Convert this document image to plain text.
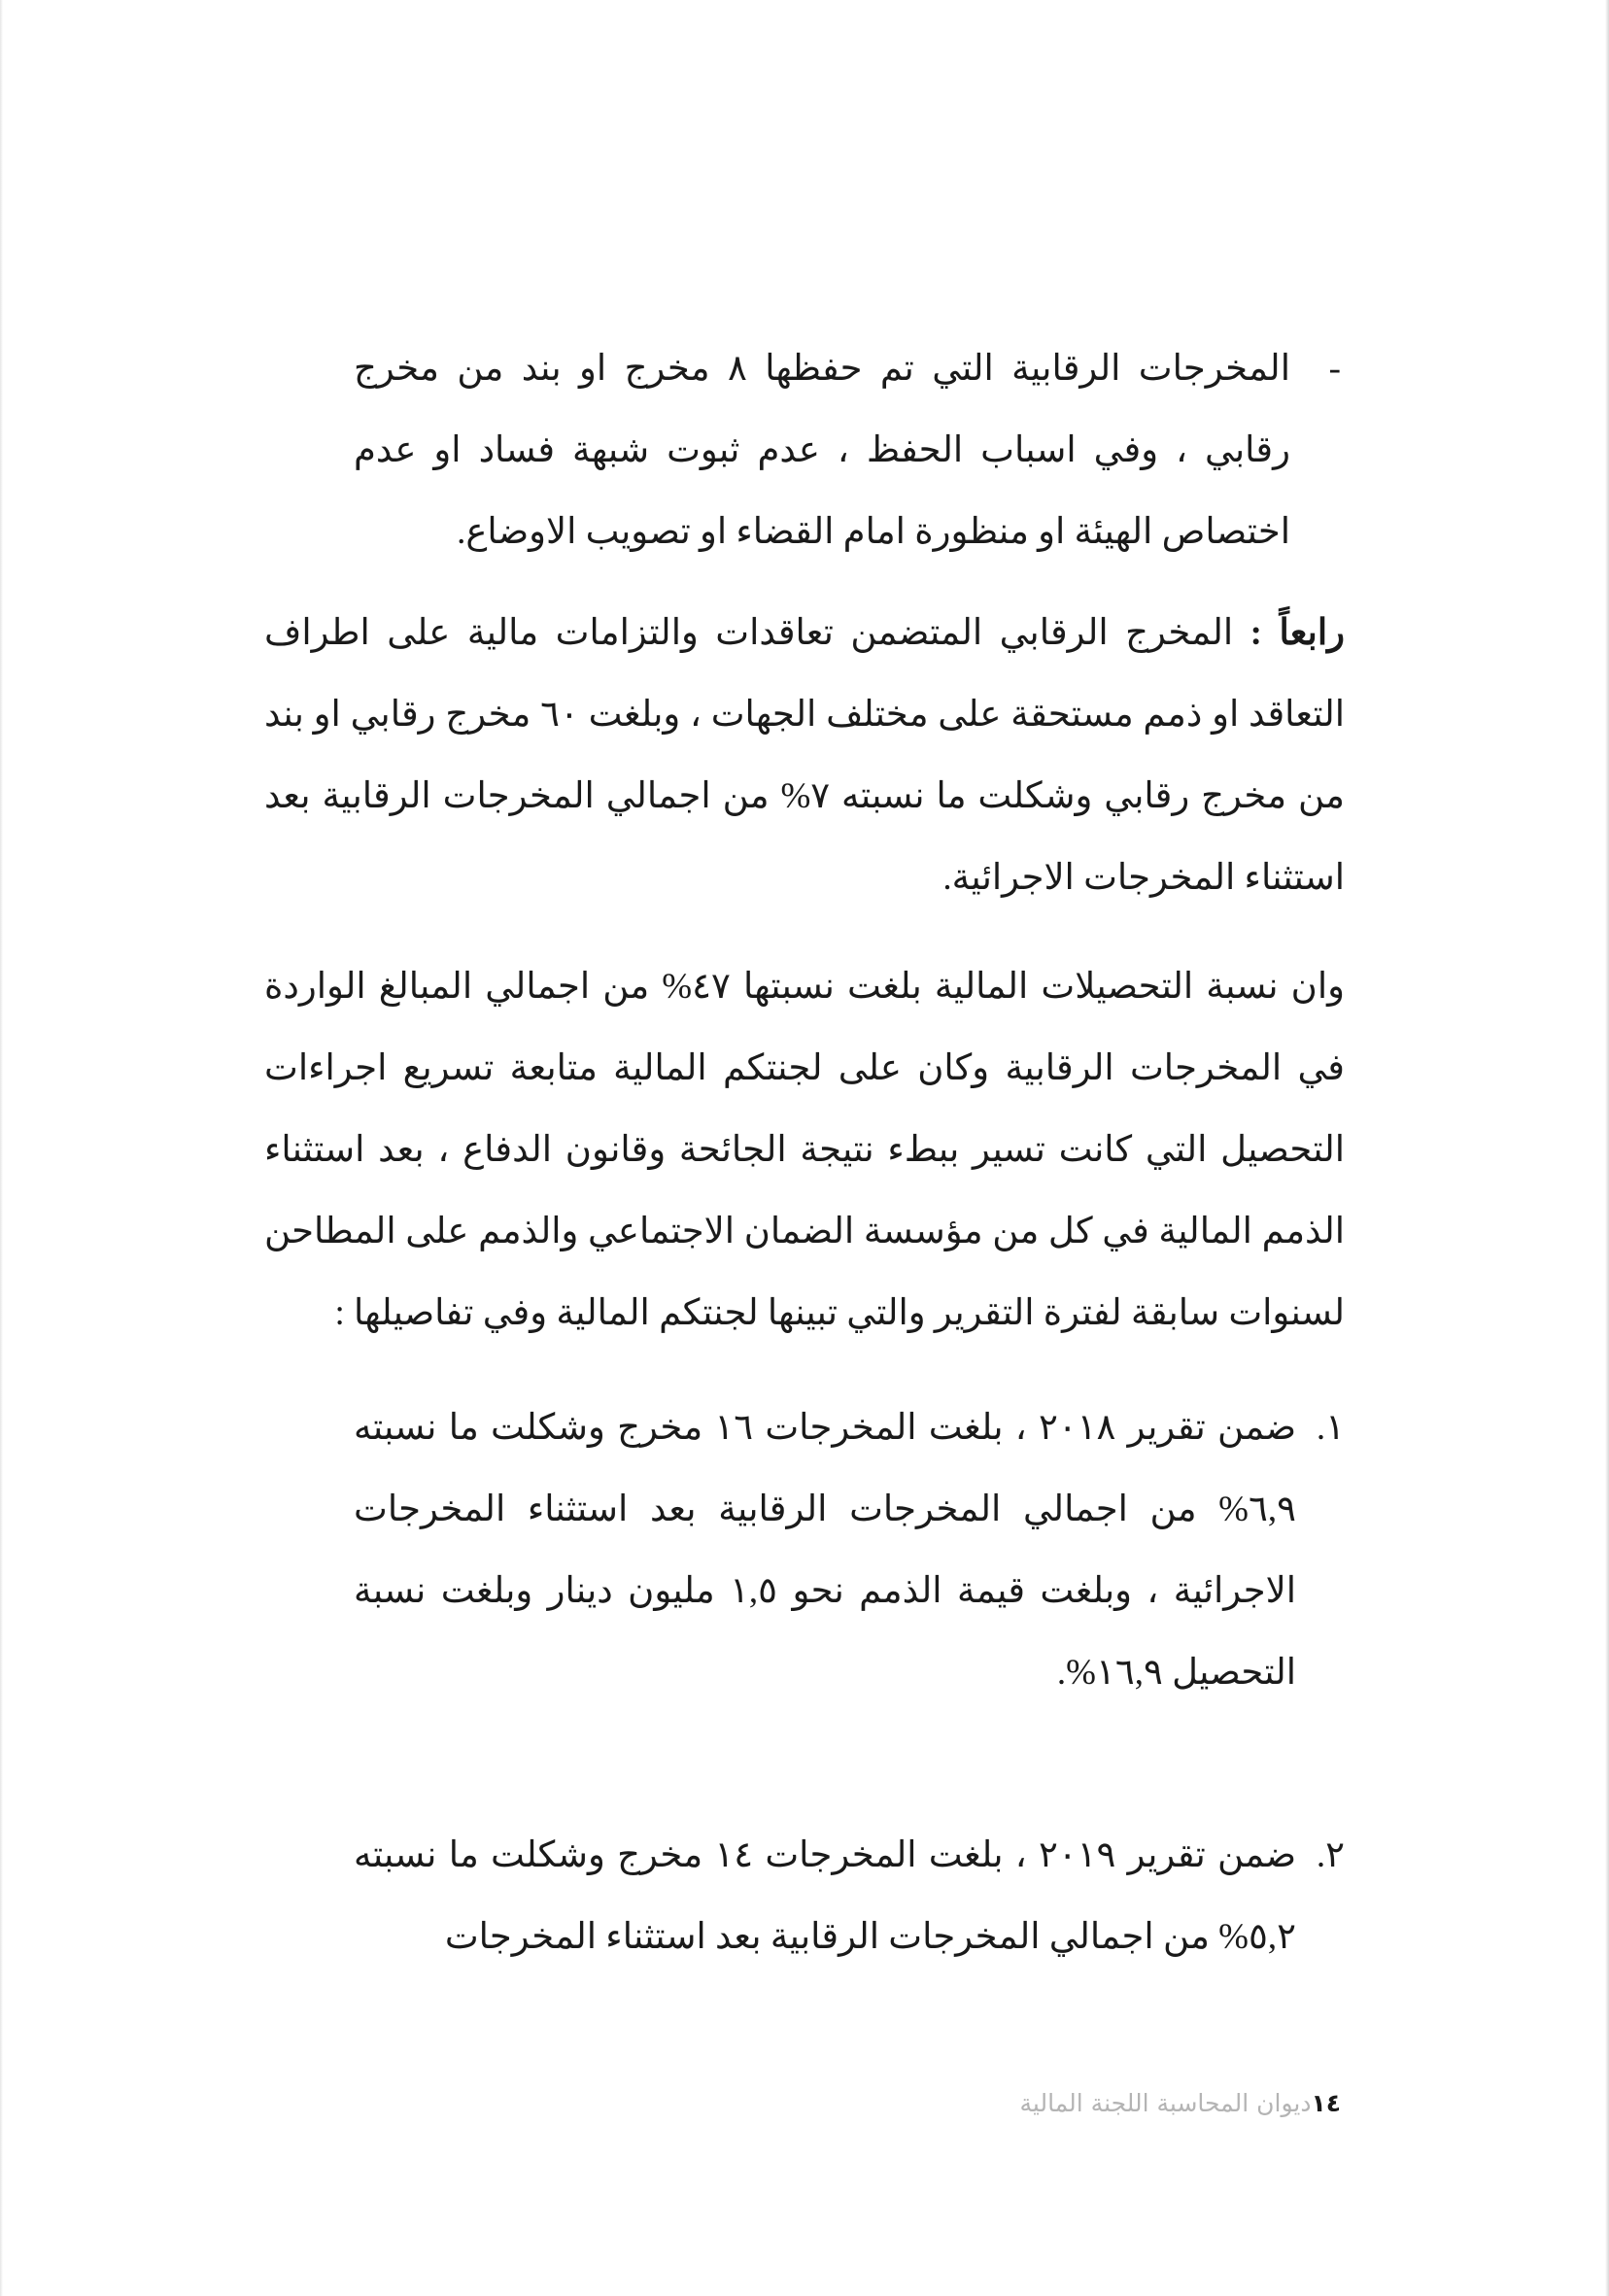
-
المخرجات الرقابية التي تم حفظها ٨ مخرج او بند من مخرج رقابي ، وفي اسباب الحفظ ، عدم ثبوت شبهة فساد او عدم اختصاص الهيئة او منظورة امام القضاء او تصويب الاوضاع.
رابعاً : المخرج الرقابي المتضمن تعاقدات والتزامات مالية على اطراف التعاقد او ذمم مستحقة على مختلف الجهات ، وبلغت ٦٠ مخرج رقابي او بند من مخرج رقابي وشكلت ما نسبته ٧% من اجمالي المخرجات الرقابية بعد استثناء المخرجات الاجرائية.
وان نسبة التحصيلات المالية بلغت نسبتها ٤٧% من اجمالي المبالغ الواردة في المخرجات الرقابية وكان على لجنتكم المالية متابعة تسريع اجراءات التحصيل التي كانت تسير ببطء نتيجة الجائحة وقانون الدفاع ، بعد استثناء الذمم المالية في كل من مؤسسة الضمان الاجتماعي والذمم على المطاحن لسنوات سابقة لفترة التقرير والتي تبينها لجنتكم المالية وفي تفاصيلها :
١.
ضمن تقرير ٢٠١٨ ، بلغت المخرجات ١٦ مخرج وشكلت ما نسبته ٦,٩% من اجمالي المخرجات الرقابية بعد استثناء المخرجات الاجرائية ، وبلغت قيمة الذمم نحو ١,٥ مليون دينار وبلغت نسبة التحصيل ١٦,٩%.
٢.
ضمن تقرير ٢٠١٩ ، بلغت المخرجات ١٤ مخرج وشكلت ما نسبته ٥,٢% من اجمالي المخرجات الرقابية بعد استثناء المخرجات
١٤ديوان المحاسبة اللجنة المالية
